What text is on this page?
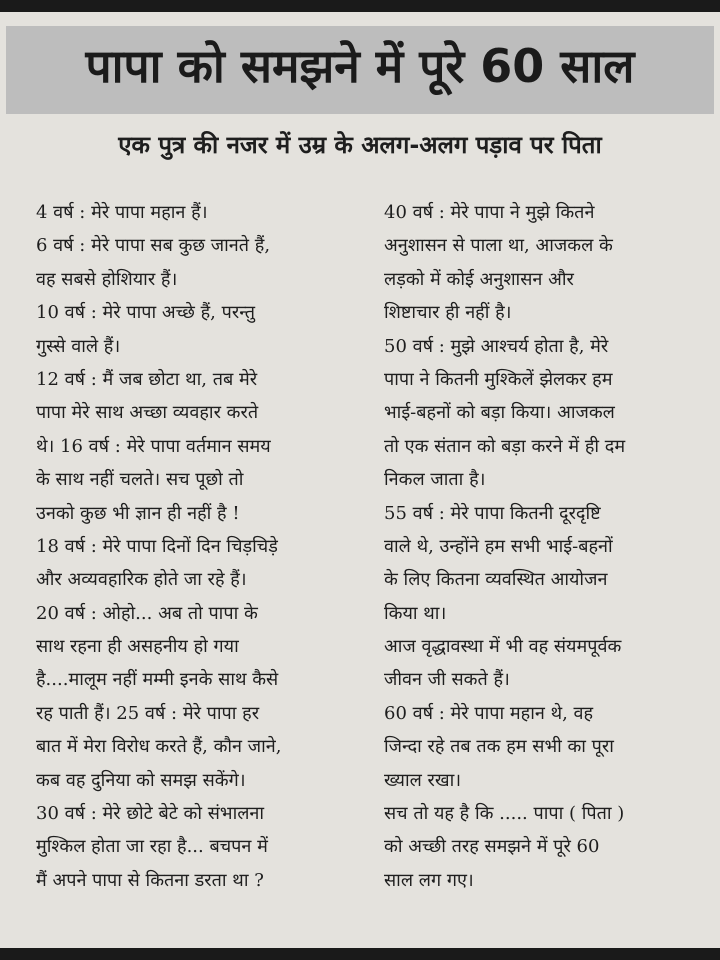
पापा को समझने में पूरे 60 साल
एक पुत्र की नजर में उम्र के अलग-अलग पड़ाव पर पिता
4 वर्ष : मेरे पापा महान हैं।
6 वर्ष : मेरे पापा सब कुछ जानते हैं,
वह सबसे होशियार हैं।
10 वर्ष : मेरे पापा अच्छे हैं, परन्तु
गुस्से वाले हैं।
12 वर्ष : मैं जब छोटा था, तब मेरे
पापा मेरे साथ अच्छा व्यवहार करते
थे। 16 वर्ष : मेरे पापा वर्तमान समय
के साथ नहीं चलते। सच पूछो तो
उनको कुछ भी ज्ञान ही नहीं है !
18 वर्ष : मेरे पापा दिनों दिन चिड़चिड़े
और अव्यवहारिक होते जा रहे हैं।
20 वर्ष : ओहो... अब तो पापा के
साथ रहना ही असहनीय हो गया
है....मालूम नहीं मम्मी इनके साथ कैसे
रह पाती हैं। 25 वर्ष : मेरे पापा हर
बात में मेरा विरोध करते हैं, कौन जाने,
कब वह दुनिया को समझ सकेंगे।
30 वर्ष : मेरे छोटे बेटे को संभालना
मुश्किल होता जा रहा है... बचपन में
मैं अपने पापा से कितना डरता था ?
40 वर्ष : मेरे पापा ने मुझे कितने
अनुशासन से पाला था, आजकल के
लड़को में कोई अनुशासन और
शिष्टाचार ही नहीं है।
50 वर्ष : मुझे आश्चर्य होता है, मेरे
पापा ने कितनी मुश्किलें झेलकर हम
भाई-बहनों को बड़ा किया। आजकल
तो एक संतान को बड़ा करने में ही दम
निकल जाता है।
55 वर्ष : मेरे पापा कितनी दूरदृष्टि
वाले थे, उन्होंने हम सभी भाई-बहनों
के लिए कितना व्यवस्थित आयोजन
किया था।
आज वृद्धावस्था में भी वह संयमपूर्वक
जीवन जी सकते हैं।
60 वर्ष : मेरे पापा महान थे, वह
जिन्दा रहे तब तक हम सभी का पूरा
ख्याल रखा।
सच तो यह है कि ..... पापा ( पिता )
को अच्छी तरह समझने में पूरे 60
साल लग गए।
